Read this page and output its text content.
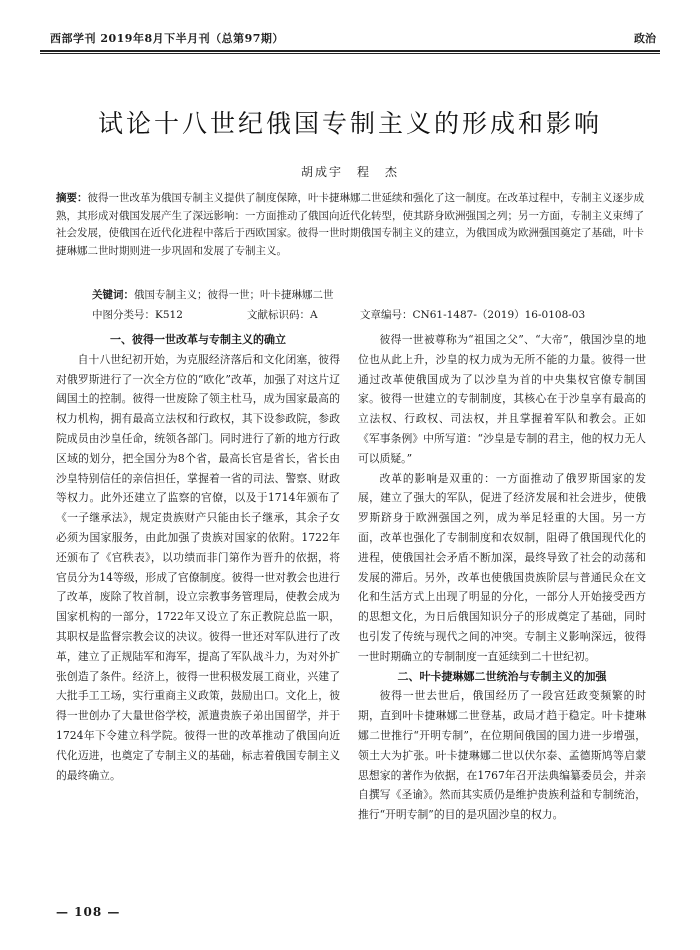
西部学刊 2019年8月下半月刊（总第97期）	政治
试论十八世纪俄国专制主义的形成和影响
胡成宇　程　杰
摘要：彼得一世改革为俄国专制主义提供了制度保障，叶卡捷琳娜二世延续和强化了这一制度。在改革过程中，专制主义逐步成熟，其形成对俄国发展产生了深远影响：一方面推动了俄国向近代化转型，使其跻身欧洲强国之列；另一方面，专制主义束缚了社会发展，使俄国在近代化进程中落后于西欧国家。彼得一世时期俄国专制主义的建立，为俄国成为欧洲强国奠定了基础，叶卡捷琳娜二世时期则进一步巩固和发展了专制主义。
关键词：俄国专制主义；彼得一世；叶卡捷琳娜二世
中图分类号：K512	文献标识码：A	文章编号：CN61-1487-（2019）16-0108-03
一、彼得一世改革与专制主义的确立

自十八世纪初开始，为克服经济落后和文化闭塞，彼得对俄罗斯进行了一次全方位的“欧化”改革，加强了对这片辽阔国土的控制。彼得一世废除了领主杜马，成为国家最高的权力机构，拥有最高立法权和行政权，其下设参政院，参政院成员由沙皇任命，统领各部门。同时进行了新的地方行政区域的划分，把全国分为8个省，最高长官是省长，省长由沙皇特别信任的亲信担任，掌握着一省的司法、警察、财政等权力。此外还建立了监察的官僚，以及于1714年颁布了《一子继承法》，规定贵族财产只能由长子继承，其余子女必须为国家服务，由此加强了贵族对国家的依附。1722年还颁布了《官秩表》，以功绩而非门第作为晋升的依据，将官员分为14等级，形成了官僚制度。彼得一世对教会也进行了改革，废除了牧首制，设立宗教事务管理局，使教会成为国家机构的一部分，1722年又设立了东正教院总监一职，其职权是监督宗教会议的决议。彼得一世还对军队进行了改革，建立了正规陆军和海军，提高了军队战斗力，为对外扩张创造了条件。经济上，彼得一世积极发展工商业，兴建了大批手工工场，实行重商主义政策，鼓励出口。文化上，彼得一世创办了大量世俗学校，派遣贵族子弟出国留学，并于1724年下令建立科学院。彼得一世的改革推动了俄国向近代化迈进，也奠定了专制主义的基础，标志着俄国专制主义的最终确立。

彼得一世被尊称为“祖国之父”、“大帝”，俄国沙皇的地位也从此上升，沙皇的权力成为无所不能的力量。彼得一世通过改革使俄国成为了以沙皇为首的中央集权官僚专制国家。彼得一世建立的专制制度，其核心在于沙皇享有最高的立法权、行政权、司法权，并且掌握着军队和教会。正如《军事条例》中所写道：“沙皇是专制的君主，他的权力无人可以质疑。”

改革的影响是双重的：一方面推动了俄罗斯国家的发展，建立了强大的军队，促进了经济发展和社会进步，使俄罗斯跻身于欧洲强国之列，成为举足轻重的大国。另一方面，改革也强化了专制制度和农奴制，阻碍了俄国现代化的进程，使俄国社会矛盾不断加深，最终导致了社会的动荡和发展的滞后。另外，改革也使俄国贵族阶层与普通民众在文化和生活方式上出现了明显的分化，一部分人开始接受西方的思想文化，为日后俄国知识分子的形成奠定了基础，同时也引发了传统与现代之间的冲突。专制主义影响深远，彼得一世时期确立的专制制度一直延续到二十世纪初。

二、叶卡捷琳娜二世统治与专制主义的加强

彼得一世去世后，俄国经历了一段宫廷政变频繁的时期，直到叶卡捷琳娜二世登基，政局才趋于稳定。叶卡捷琳娜二世推行“开明专制”，在位期间俄国的国力进一步增强，领土大为扩张。叶卡捷琳娜二世以伏尔泰、孟德斯鸠等启蒙思想家的著作为依据，在1767年召开法典编纂委员会，并亲自撰写《圣谕》。然而其实质仍是维护贵族利益和专制统治，推行“开明专制”的目的是巩固沙皇的权力。

— 108 —
